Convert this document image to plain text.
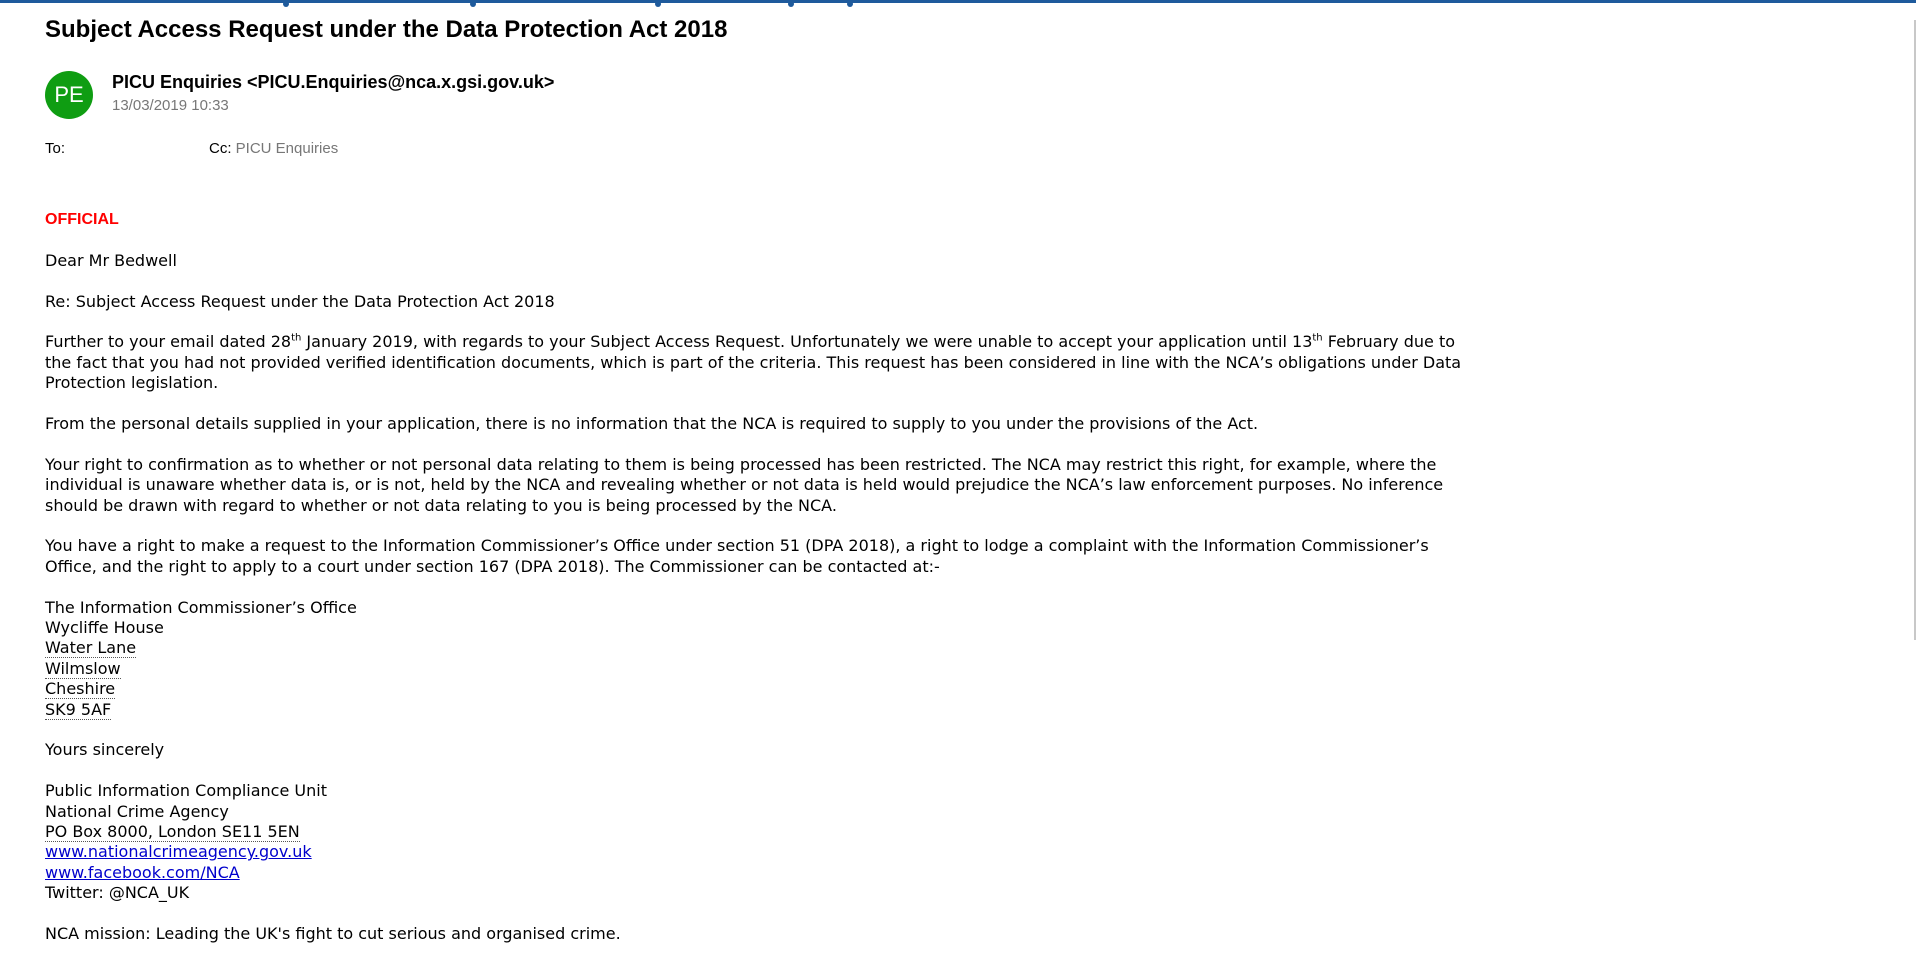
Subject Access Request under the Data Protection Act 2018
PE PICU Enquiries <PICU.Enquiries@nca.x.gsi.gov.uk>
13/03/2019 10:33
To:	Cc: PICU Enquiries

OFFICIAL

Dear Mr Bedwell

Re: Subject Access Request under the Data Protection Act 2018

Further to your email dated 28th January 2019, with regards to your Subject Access Request. Unfortunately we were unable to accept your application until 13th February due to the fact that you had not provided verified identification documents, which is part of the criteria. This request has been considered in line with the NCA’s obligations under Data Protection legislation.

From the personal details supplied in your application, there is no information that the NCA is required to supply to you under the provisions of the Act.

Your right to confirmation as to whether or not personal data relating to them is being processed has been restricted. The NCA may restrict this right, for example, where the individual is unaware whether data is, or is not, held by the NCA and revealing whether or not data is held would prejudice the NCA’s law enforcement purposes. No inference should be drawn with regard to whether or not data relating to you is being processed by the NCA.

You have a right to make a request to the Information Commissioner’s Office under section 51 (DPA 2018), a right to lodge a complaint with the Information Commissioner’s Office, and the right to apply to a court under section 167 (DPA 2018). The Commissioner can be contacted at:-

The Information Commissioner’s Office
Wycliffe House
Water Lane
Wilmslow
Cheshire
SK9 5AF

Yours sincerely

Public Information Compliance Unit
National Crime Agency
PO Box 8000, London SE11 5EN
www.nationalcrimeagency.gov.uk
www.facebook.com/NCA
Twitter: @NCA_UK

NCA mission: Leading the UK's fight to cut serious and organised crime.
